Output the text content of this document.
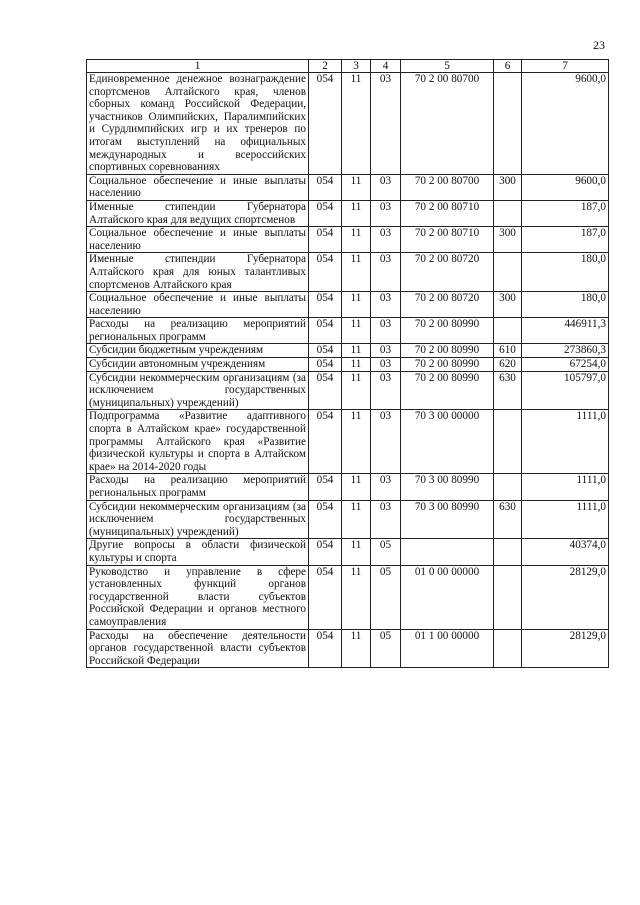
23
1	2	3	4	5	6	7
Единовременное денежное вознаграждение спортсменов Алтайского края, членов сборных команд Российской Федерации, участников Олимпийских, Паралимпийских и Сурдлимпийских игр и их тренеров по итогам выступлений на официальных международных и всероссийских спортивных соревнованиях	054	11	03	70 2 00 80700		9600,0
Социальное обеспечение и иные выплаты населению	054	11	03	70 2 00 80700	300	9600,0
Именные стипендии Губернатора Алтайского края для ведущих спортсменов	054	11	03	70 2 00 80710		187,0
Социальное обеспечение и иные выплаты населению	054	11	03	70 2 00 80710	300	187,0
Именные стипендии Губернатора Алтайского края для юных талантливых спортсменов Алтайского края	054	11	03	70 2 00 80720		180,0
Социальное обеспечение и иные выплаты населению	054	11	03	70 2 00 80720	300	180,0
Расходы на реализацию мероприятий региональных программ	054	11	03	70 2 00 80990		446911,3
Субсидии бюджетным учреждениям	054	11	03	70 2 00 80990	610	273860,3
Субсидии автономным учреждениям	054	11	03	70 2 00 80990	620	67254,0
Субсидии некоммерческим организациям (за исключением государственных (муниципальных) учреждений)	054	11	03	70 2 00 80990	630	105797,0
Подпрограмма «Развитие адаптивного спорта в Алтайском крае» государственной программы Алтайского края «Развитие физической культуры и спорта в Алтайском крае» на 2014-2020 годы	054	11	03	70 3 00 00000		1111,0
Расходы на реализацию мероприятий региональных программ	054	11	03	70 3 00 80990		1111,0
Субсидии некоммерческим организациям (за исключением государственных (муниципальных) учреждений)	054	11	03	70 3 00 80990	630	1111,0
Другие вопросы в области физической культуры и спорта	054	11	05			40374,0
Руководство и управление в сфере установленных функций органов государственной власти субъектов Российской Федерации и органов местного самоуправления	054	11	05	01 0 00 00000		28129,0
Расходы на обеспечение деятельности органов государственной власти субъектов Российской Федерации	054	11	05	01 1 00 00000		28129,0
